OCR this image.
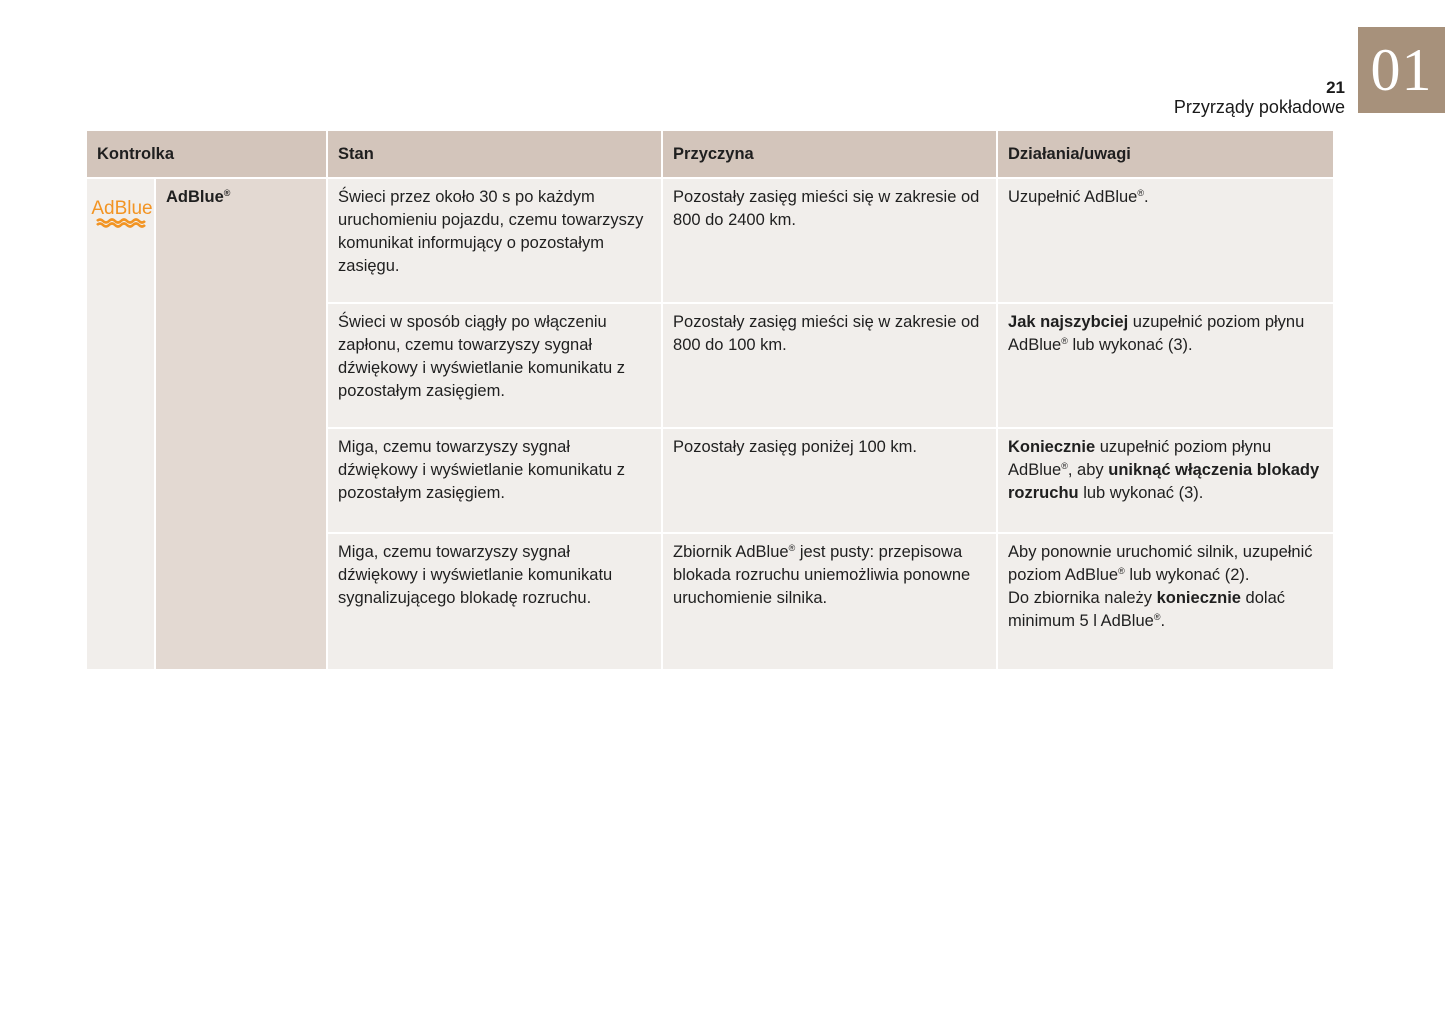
21
Przyrządy pokładowe
01
Kontrolka		Stan	Przyczyna	Działania/uwagi

AdBlue	AdBlue®	Świeci przez około 30 s po każdym uruchomieniu pojazdu, czemu towarzyszy komunikat informujący o pozostałym zasięgu.	Pozostały zasięg mieści się w zakresie od 800 do 2400 km.	Uzupełnić AdBlue®.
		Świeci w sposób ciągły po włączeniu zapłonu, czemu towarzyszy sygnał dźwiękowy i wyświetlanie komunikatu z pozostałym zasięgiem.	Pozostały zasięg mieści się w zakresie od 800 do 100 km.	Jak najszybciej uzupełnić poziom płynu AdBlue® lub wykonać (3).
		Miga, czemu towarzyszy sygnał dźwiękowy i wyświetlanie komunikatu z pozostałym zasięgiem.	Pozostały zasięg poniżej 100 km.	Koniecznie uzupełnić poziom płynu AdBlue®, aby uniknąć włączenia blokady rozruchu lub wykonać (3).
		Miga, czemu towarzyszy sygnał dźwiękowy i wyświetlanie komunikatu sygnalizującego blokadę rozruchu.	Zbiornik AdBlue® jest pusty: przepisowa blokada rozruchu uniemożliwia ponowne uruchomienie silnika.	Aby ponownie uruchomić silnik, uzupełnić poziom AdBlue® lub wykonać (2).
Do zbiornika należy koniecznie dolać minimum 5 l AdBlue®.
